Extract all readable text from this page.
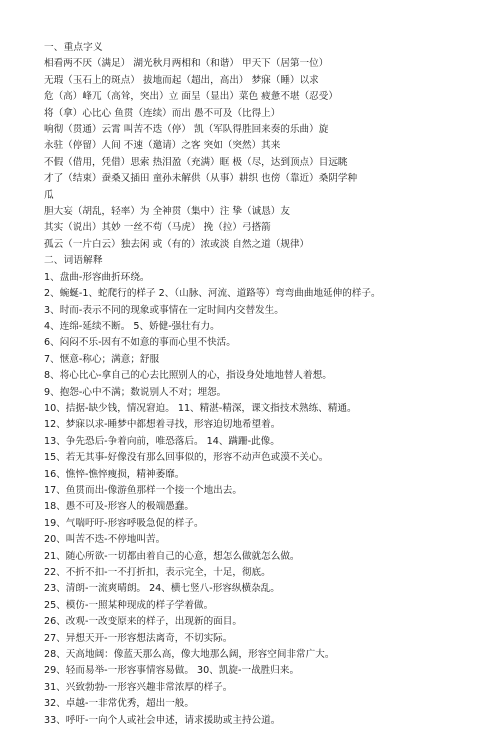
一、重点字义
相看两不厌（满足） 湖光秋月两相和（和谐） 甲天下（居第一位）
无瑕（玉石上的斑点） 拔地而起（超出，高出） 梦寐（睡）以求
危（高）峰兀（高耸，突出）立 面呈（显出）菜色 疲惫不堪（忍受）
将（拿）心比心 鱼贯（连续）而出 愚不可及（比得上）
响彻（贯通）云霄 叫苦不迭（停） 凯（军队得胜回来奏的乐曲）旋
永驻（停留）人间 不速（邀请）之客 突如（突然）其来
不假（借用，凭借）思索 热泪盈（充满）眶 极（尽，达到顶点）目远眺
才了（结束）蚕桑又插田 童孙未解供（从事）耕织 也傍（靠近）桑阴学种
瓜
胆大妄（胡乱，轻率）为 全神贯（集中）注 挚（诚恳）友
其实（说出）其妙 一丝不苟（马虎） 挽（拉）弓搭箭
孤云（一片白云）独去闲 或（有的）浓或淡 自然之道（规律）
二、词语解释
1、盘曲-形容曲折环绕。
2、蜿蜒-1、蛇爬行的样子 2、（山脉、河流、道路等）弯弯曲曲地延伸的样子。
3、时而-表示不同的现象或事情在一定时间内交替发生。
4、连绵-延续不断。 5、娇健-强壮有力。
6、闷闷不乐-因有不如意的事而心里不快活。
7、惬意-称心；满意；舒服
8、将心比心-拿自己的心去比照别人的心，指设身处地地替人着想。
9、抱怨-心中不满；数说别人不对；埋怨。
10、拮据-缺少钱，情况窘迫。 11、精湛-精深，课文指技术熟练、精通。
12、梦寐以求-睡梦中都想着寻找，形容迫切地希望着。
13、争先恐后-争着向前，唯恐落后。 14、蹒跚-此像。
15、若无其事-好像没有那么回事似的，形容不动声色或漠不关心。
16、憔悴-憔悴瘦损，精神萎靡。
17、鱼贯而出-像游鱼那样一个接一个地出去。
18、愚不可及-形容人的极端愚蠢。
19、气喘吁吁-形容呼吸急促的样子。
20、叫苦不迭-不停地叫苦。
21、随心所欲-一切都由着自己的心意，想怎么做就怎么做。
22、不折不扣-一不打折扣，表示完全，十足，彻底。
23、清朗-一流爽晴朗。 24、横七竖八-形容纵横杂乱。
25、模仿-一照某种现成的样子学着做。
26、改观-一改变原来的样子，出现新的面目。
27、异想天开-一形容想法离奇，不切实际。
28、天高地阔：像蓝天那么高，像大地那么阔，形容空间非常广大。
29、轻而易举-一形容事情容易做。 30、凯旋-一战胜归来。
31、兴致勃勃-一形容兴趣非常浓厚的样子。
32、卓越-一非常优秀，超出一般。
33、呼吁-一向个人或社会申述，请求援助或主持公道。
